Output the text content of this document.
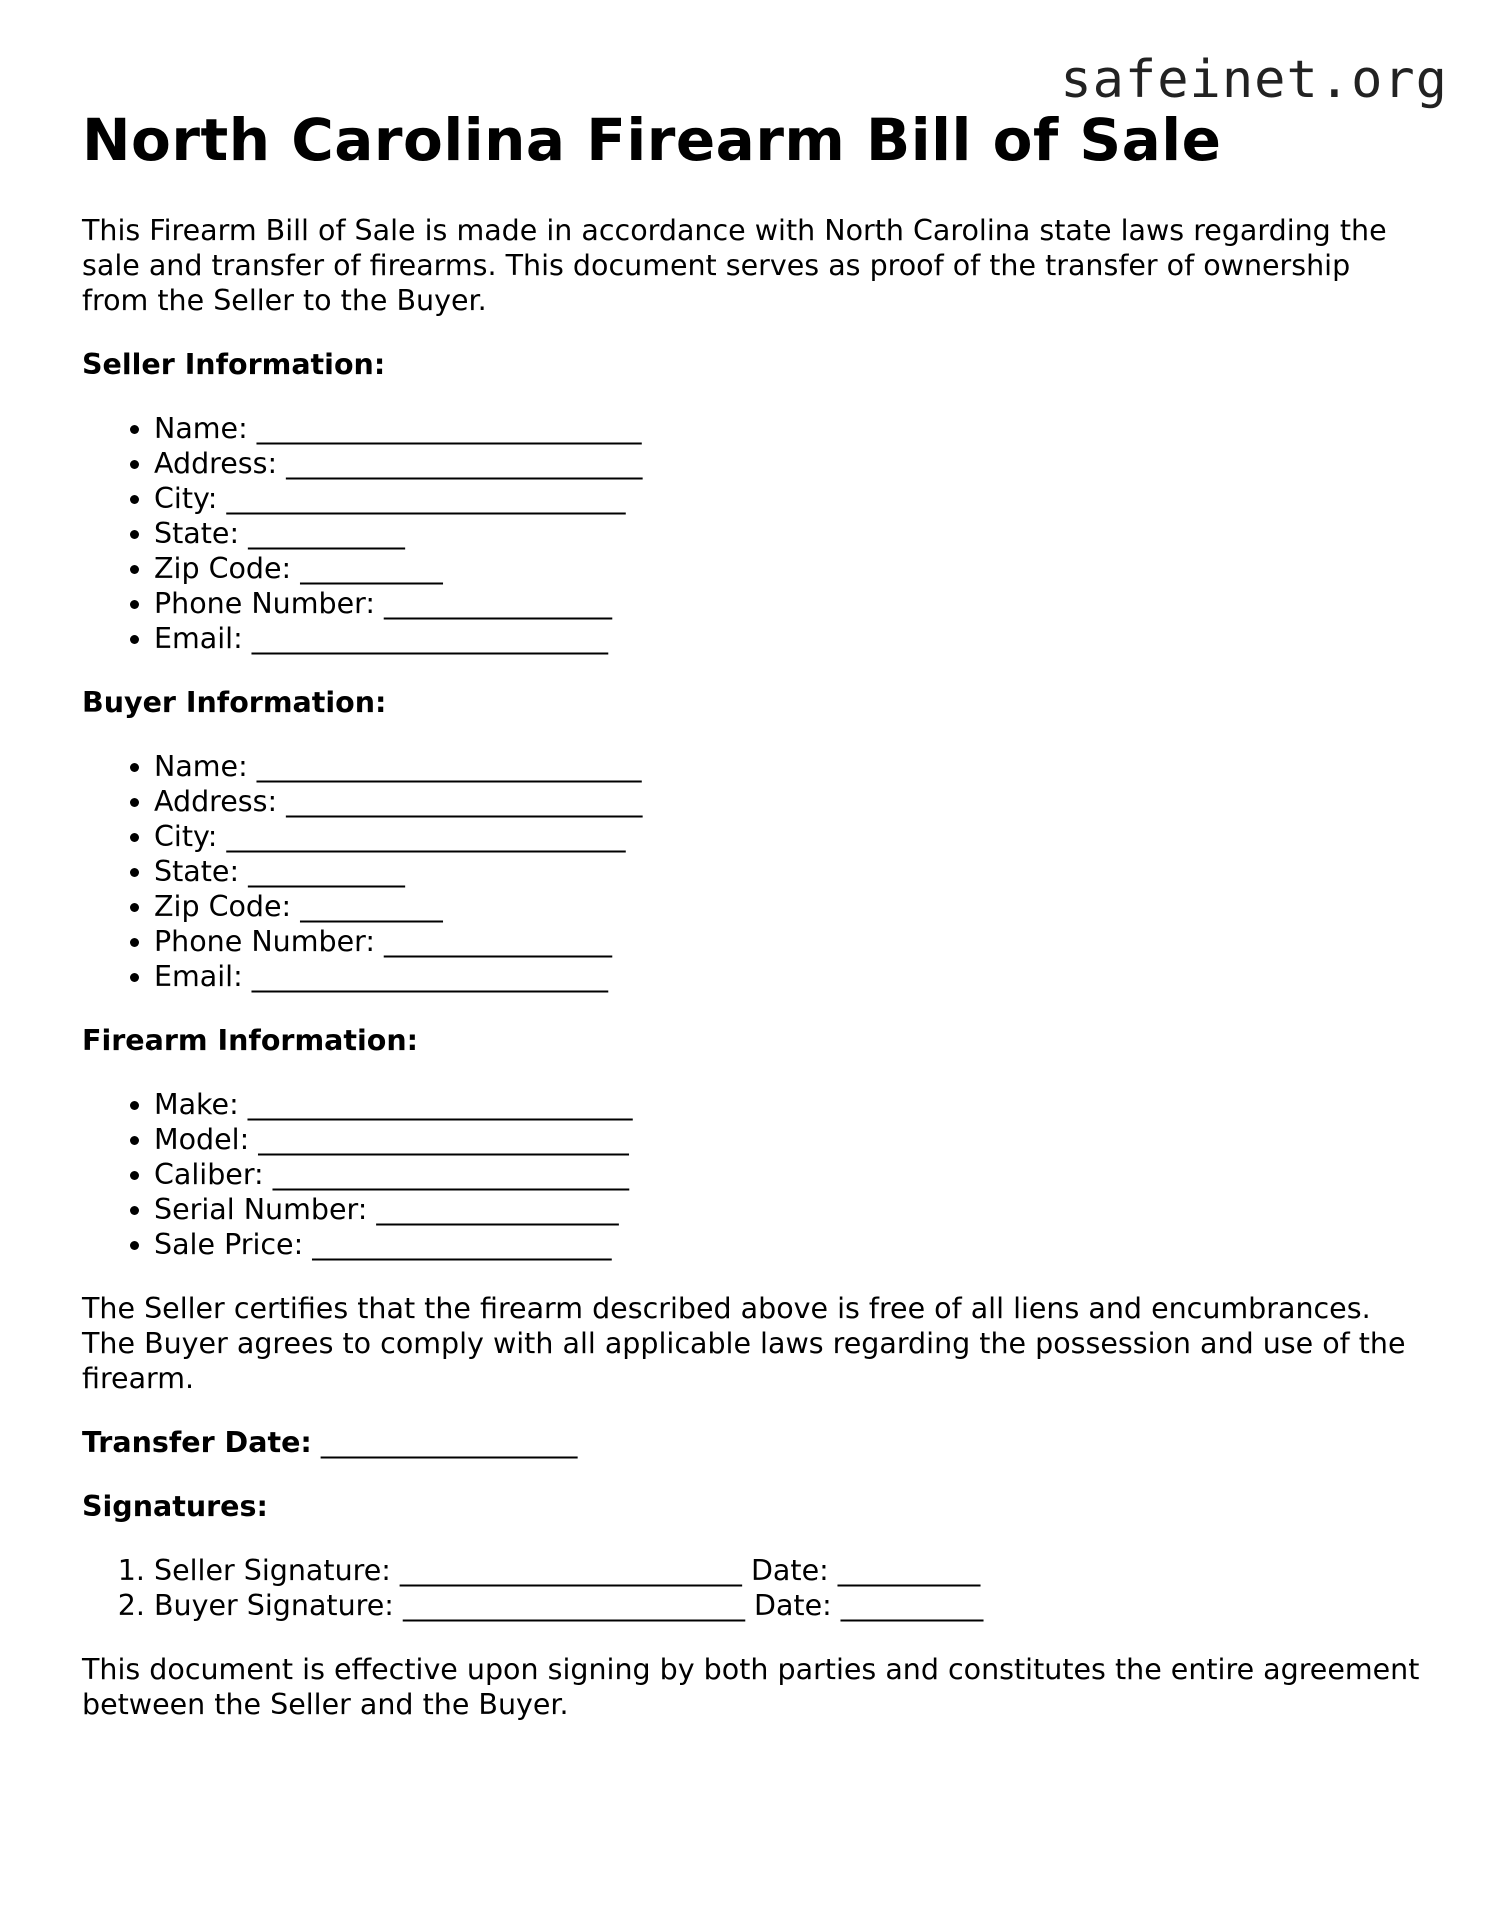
safeinet.org
North Carolina Firearm Bill of Sale

This Firearm Bill of Sale is made in accordance with North Carolina state laws regarding the sale and transfer of firearms. This document serves as proof of the transfer of ownership from the Seller to the Buyer.

Seller Information:
• Name: ___________________________
• Address: _________________________
• City: ____________________________
• State: ___________
• Zip Code: __________
• Phone Number: ________________
• Email: _________________________
Buyer Information:
• Name: ___________________________
• Address: _________________________
• City: ____________________________
• State: ___________
• Zip Code: __________
• Phone Number: ________________
• Email: _________________________
Firearm Information:
• Make: ___________________________
• Model: __________________________
• Caliber: _________________________
• Serial Number: _________________
• Sale Price: _____________________

The Seller certifies that the firearm described above is free of all liens and encumbrances. The Buyer agrees to comply with all applicable laws regarding the possession and use of the firearm.

Transfer Date: __________________

Signatures:
1. Seller Signature: ________________________ Date: __________
2. Buyer Signature: ________________________ Date: __________

This document is effective upon signing by both parties and constitutes the entire agreement between the Seller and the Buyer.
